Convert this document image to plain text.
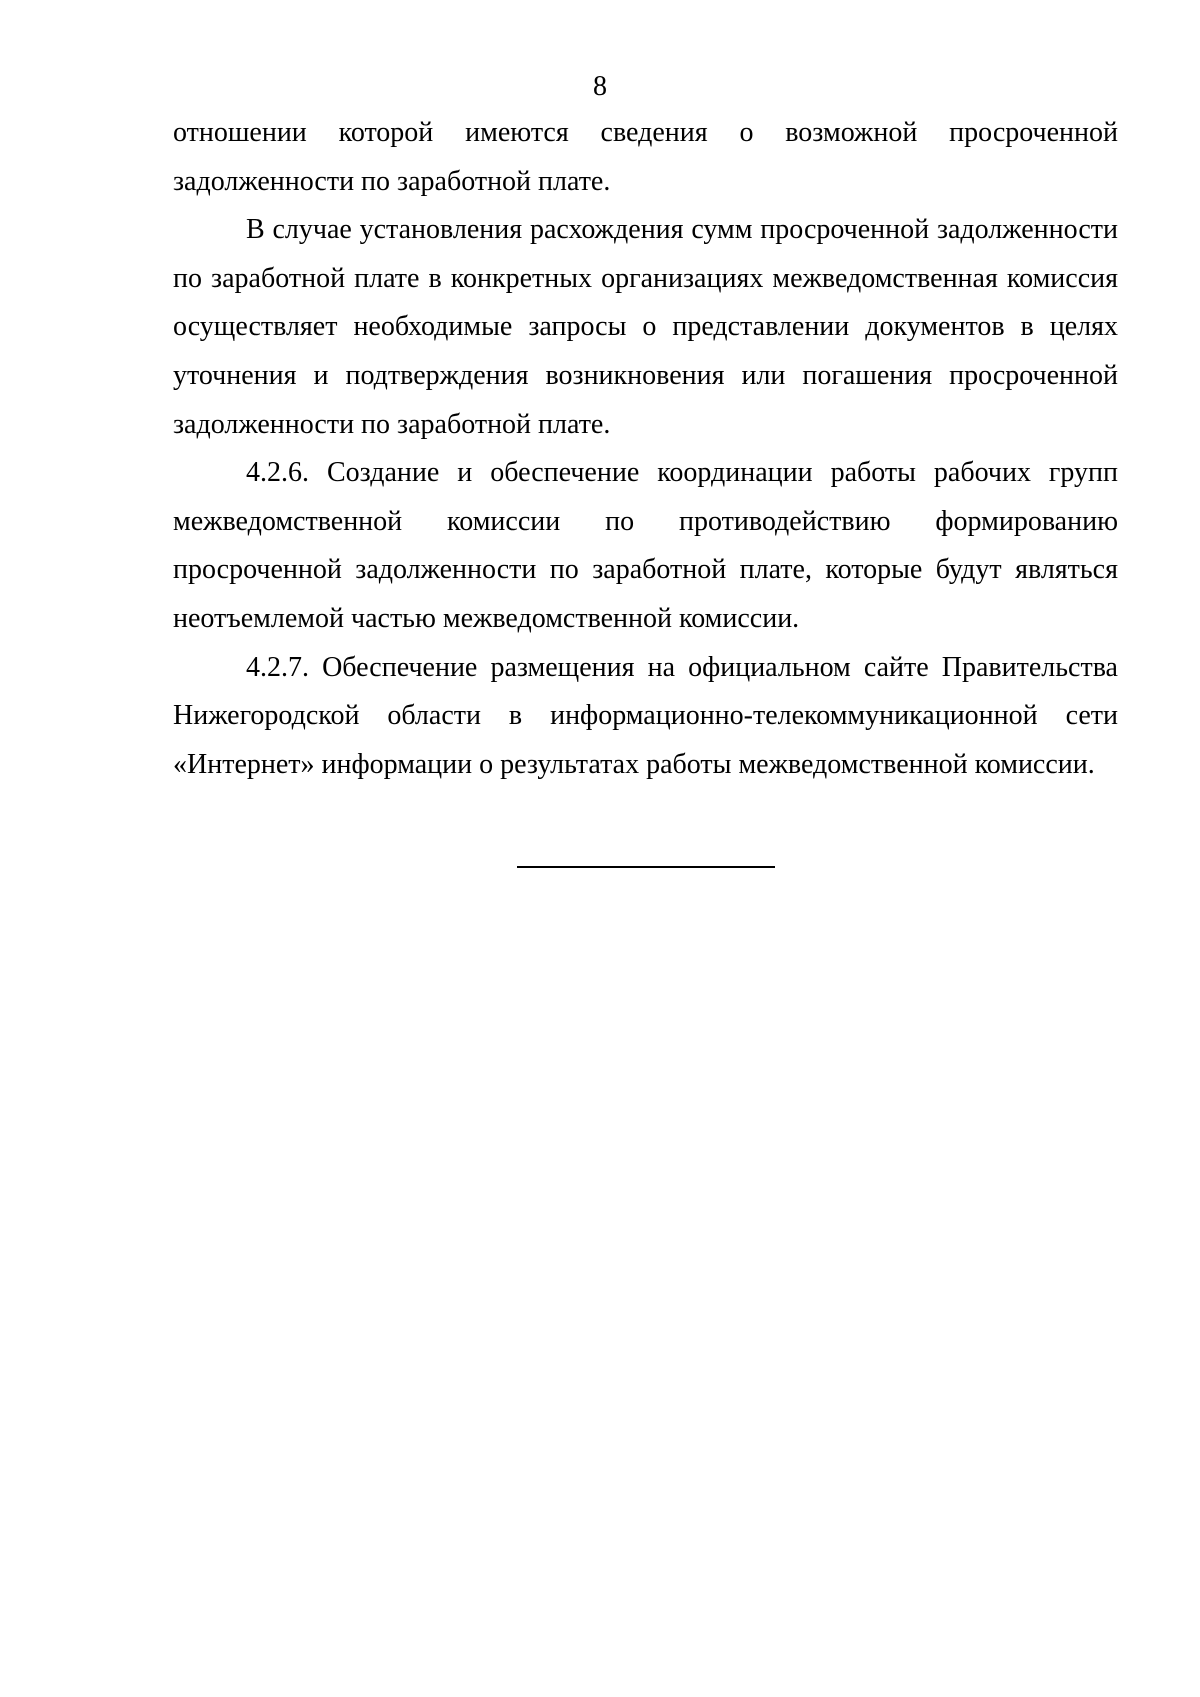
8

отношении которой имеются сведения о возможной просроченной задолженности по заработной плате.

В случае установления расхождения сумм просроченной задолженности по заработной плате в конкретных организациях межведомственная комиссия осуществляет необходимые запросы о представлении документов в целях уточнения и подтверждения возникновения или погашения просроченной задолженности по заработной плате.

4.2.6. Создание и обеспечение координации работы рабочих групп межведомственной комиссии по противодействию формированию просроченной задолженности по заработной плате, которые будут являться неотъемлемой частью межведомственной комиссии.

4.2.7. Обеспечение размещения на официальном сайте Правительства Нижегородской области в информационно-телекоммуникационной сети «Интернет» информации о результатах работы межведомственной комиссии.
